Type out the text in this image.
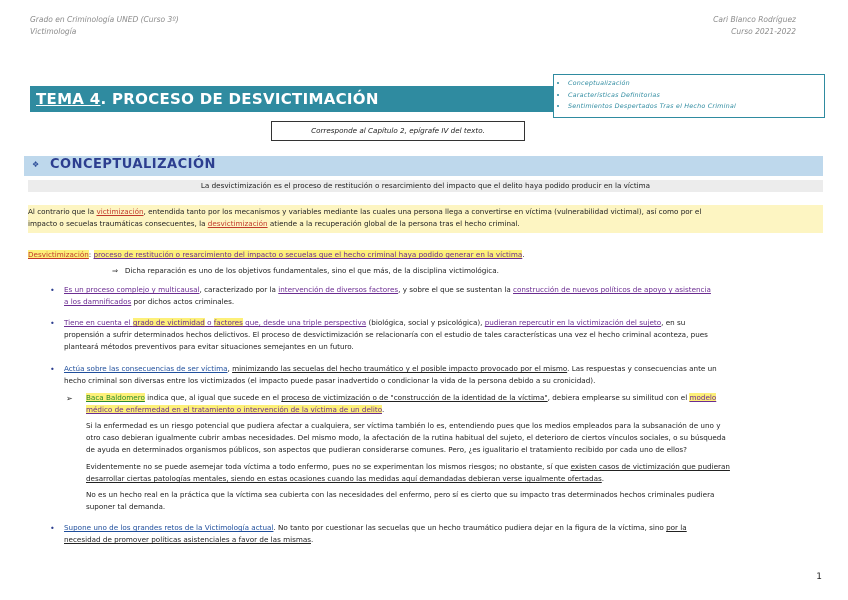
Grado en Criminología UNED (Curso 3º)
Victimología
Cari Blanco Rodríguez
Curso 2021-2022
TEMA 4. PROCESO DE DESVICTIMACIÓN
• Conceptualización
• Características Definitorias
• Sentimientos Despertados Tras el Hecho Criminal
Corresponde al Capítulo 2, epígrafe IV del texto.
❖ CONCEPTUALIZACIÓN
La desvictimización es el proceso de restitución o resarcimiento del impacto que el delito haya podido producir en la víctima
Al contrario que la victimización, entendida tanto por los mecanismos y variables mediante las cuales una persona llega a convertirse en víctima (vulnerabilidad victimal), así como por el
impacto o secuelas traumáticas consecuentes, la desvictimización atiende a la recuperación global de la persona tras el hecho criminal.
Desvictimización: proceso de restitución o resarcimiento del impacto o secuelas que el hecho criminal haya podido generar en la víctima.
⇒ Dicha reparación es uno de los objetivos fundamentales, sino el que más, de la disciplina victimológica.
• Es un proceso complejo y multicausal, caracterizado por la intervención de diversos factores, y sobre el que se sustentan la construcción de nuevos políticos de apoyo y asistencia
a los damnificados por dichos actos criminales.
• Tiene en cuenta el grado de victimidad o factores que, desde una triple perspectiva (biológica, social y psicológica), pudieran repercutir en la victimización del sujeto, en su
propensión a sufrir determinados hechos delictivos. El proceso de desvictimización se relacionaría con el estudio de tales características una vez el hecho criminal aconteza, pues
planteará métodos preventivos para evitar situaciones semejantes en un futuro.
• Actúa sobre las consecuencias de ser víctima, minimizando las secuelas del hecho traumático y el posible impacto provocado por el mismo. Las respuestas y consecuencias ante un
hecho criminal son diversas entre los victimizados (el impacto puede pasar inadvertido o condicionar la vida de la persona debido a su cronicidad).
➢ Baca Baldomero indica que, al igual que sucede en el proceso de victimización o de "construcción de la identidad de la víctima", debiera emplearse su similitud con el modelo
médico de enfermedad en el tratamiento o intervención de la víctima de un delito.
Si la enfermedad es un riesgo potencial que pudiera afectar a cualquiera, ser víctima también lo es, entendiendo pues que los medios empleados para la subsanación de uno y
otro caso debieran igualmente cubrir ambas necesidades. Del mismo modo, la afectación de la rutina habitual del sujeto, el deterioro de ciertos vínculos sociales, o su búsqueda
de ayuda en determinados organismos públicos, son aspectos que pudieran considerarse comunes. Pero, ¿es igualitario el tratamiento recibido por cada uno de ellos?
Evidentemente no se puede asemejar toda víctima a todo enfermo, pues no se experimentan los mismos riesgos; no obstante, sí que existen casos de victimización que pudieran
desarrollar ciertas patologías mentales, siendo en estas ocasiones cuando las medidas aquí demandadas debieran verse igualmente ofertadas.
No es un hecho real en la práctica que la víctima sea cubierta con las necesidades del enfermo, pero sí es cierto que su impacto tras determinados hechos criminales pudiera
suponer tal demanda.
• Supone uno de los grandes retos de la Victimología actual. No tanto por cuestionar las secuelas que un hecho traumático pudiera dejar en la figura de la víctima, sino por la
necesidad de promover políticas asistenciales a favor de las mismas.
1
